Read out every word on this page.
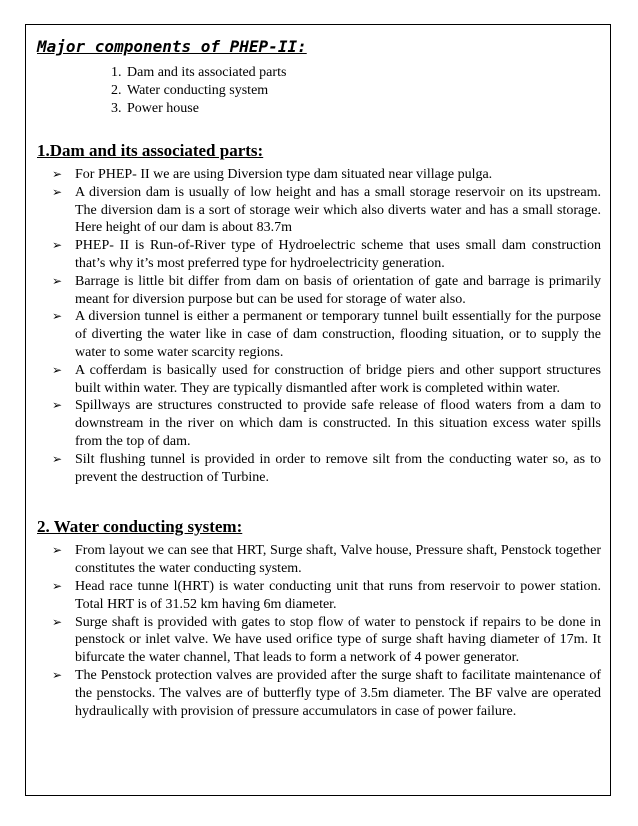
Major components of PHEP-II:
1. Dam and its associated parts
2. Water conducting system
3. Power house
1.Dam and its associated parts:
➢ For PHEP- II we are using Diversion type dam situated near village pulga.
➢ A diversion dam is usually of low height and has a small storage reservoir on its upstream. The diversion dam is a sort of storage weir which also diverts water and has a small storage. Here height of our dam is about 83.7m
➢ PHEP- II is Run-of-River type of Hydroelectric scheme that uses small dam construction that’s why it’s most preferred type for hydroelectricity generation.
➢ Barrage is little bit differ from dam on basis of orientation of gate and barrage is primarily meant for diversion purpose but can be used for storage of water also.
➢ A diversion tunnel is either a permanent or temporary tunnel built essentially for the purpose of diverting the water like in case of dam construction, flooding situation, or to supply the water to some water scarcity regions.
➢ A cofferdam is basically used for construction of bridge piers and other support structures built within water. They are typically dismantled after work is completed within water.
➢ Spillways are structures constructed to provide safe release of flood waters from a dam to downstream in the river on which dam is constructed. In this situation excess water spills from the top of dam.
➢ Silt flushing tunnel is provided in order to remove silt from the conducting water so, as to prevent the destruction of Turbine.
2. Water conducting system:
➢ From layout we can see that HRT, Surge shaft, Valve house, Pressure shaft, Penstock together constitutes the water conducting system.
➢ Head race tunne l(HRT) is water conducting unit that runs from reservoir to power station. Total HRT is of 31.52 km having 6m diameter.
➢ Surge shaft is provided with gates to stop flow of water to penstock if repairs to be done in penstock or inlet valve. We have used orifice type of surge shaft having diameter of 17m. It bifurcate the water channel, That leads to form a network of 4 power generator.
➢ The Penstock protection valves are provided after the surge shaft to facilitate maintenance of the penstocks. The valves are of butterfly type of 3.5m diameter. The BF valve are operated hydraulically with provision of pressure accumulators in case of power failure.
